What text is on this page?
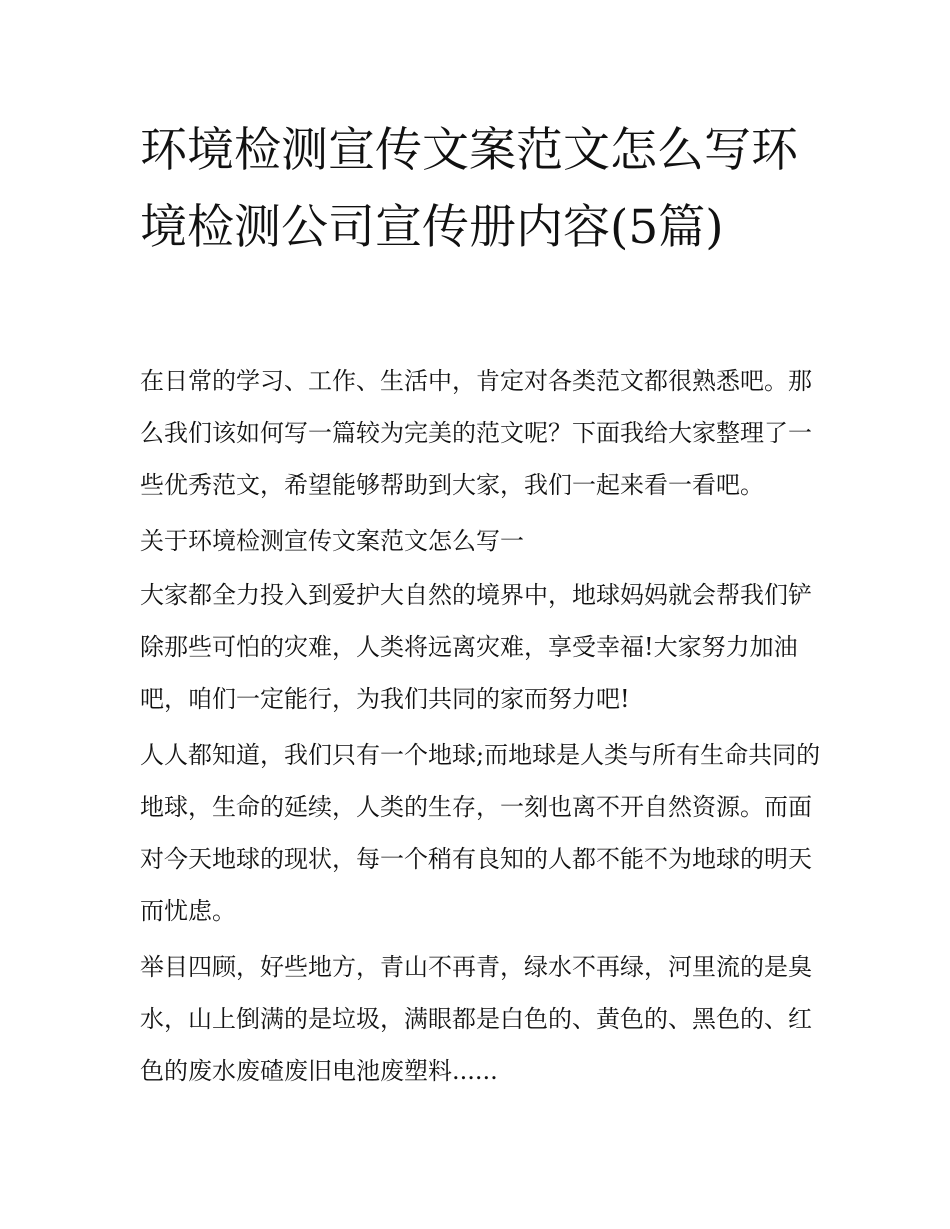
环境检测宣传文案范文怎么写环境检测公司宣传册内容(5篇)

在日常的学习、工作、生活中，肯定对各类范文都很熟悉吧。那么我们该如何写一篇较为完美的范文呢？下面我给大家整理了一些优秀范文，希望能够帮助到大家，我们一起来看一看吧。

关于环境检测宣传文案范文怎么写一

大家都全力投入到爱护大自然的境界中，地球妈妈就会帮我们铲除那些可怕的灾难，人类将远离灾难，享受幸福!大家努力加油吧，咱们一定能行，为我们共同的家而努力吧!

人人都知道，我们只有一个地球;而地球是人类与所有生命共同的地球，生命的延续，人类的生存，一刻也离不开自然资源。而面对今天地球的现状，每一个稍有良知的人都不能不为地球的明天而忧虑。

举目四顾，好些地方，青山不再青，绿水不再绿，河里流的是臭水，山上倒满的是垃圾，满眼都是白色的、黄色的、黑色的、红色的废水废碴废旧电池废塑料......
